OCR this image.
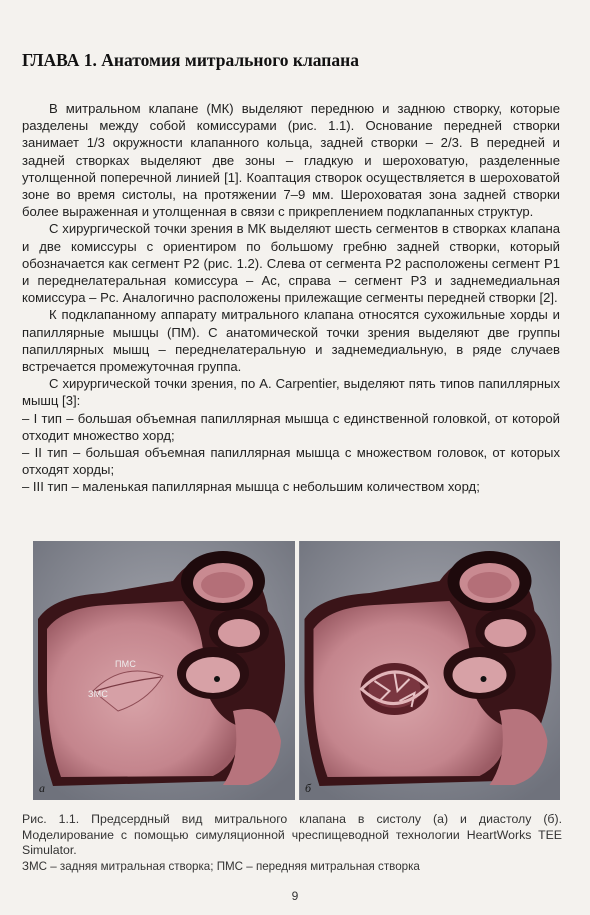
ГЛАВА 1. Анатомия митрального клапана

В митральном клапане (МК) выделяют переднюю и заднюю створку, которые разделены между собой комиссурами (рис. 1.1). Основание передней створки занимает 1/3 окружности клапанного кольца, задней створки – 2/3. В передней и задней створках выделяют две зоны – гладкую и шероховатую, разделенные утолщенной поперечной линией [1]. Коаптация створок осуществляется в шероховатой зоне во время систолы, на протяжении 7–9 мм. Шероховатая зона задней створки более выраженная и утолщенная в связи с прикреплением подклапанных структур.

С хирургической точки зрения в МК выделяют шесть сегментов в створках клапана и две комиссуры с ориентиром по большому гребню задней створки, который обозначается как сегмент Р2 (рис. 1.2). Слева от сегмента Р2 расположены сегмент Р1 и переднелатеральная комиссура – Ас, справа – сегмент Р3 и заднемедиальная комиссура – Рс. Аналогично расположены прилежащие сегменты передней створки [2].

К подклапанному аппарату митрального клапана относятся сухожильные хорды и папиллярные мышцы (ПМ). С анатомической точки зрения выделяют две группы папиллярных мышц – переднелатеральную и заднемедиальную, в ряде случаев встречается промежуточная группа.

С хирургической точки зрения, по A. Carpentier, выделяют пять типов папиллярных мышц [3]:

– I тип – большая объемная папиллярная мышца с единственной головкой, от которой отходит множество хорд;

– II тип – большая объемная папиллярная мышца с множеством головок, от которых отходят хорды;

– III тип – маленькая папиллярная мышца с небольшим количеством хорд;

ПМС
ЗМС
а	б
Рис. 1.1. Предсердный вид митрального клапана в систолу (а) и диастолу (б). Моделирование с помощью симуляционной чреспищеводной технологии HeartWorks TEE Simulator.
ЗМС – задняя митральная створка; ПМС – передняя митральная створка
9
